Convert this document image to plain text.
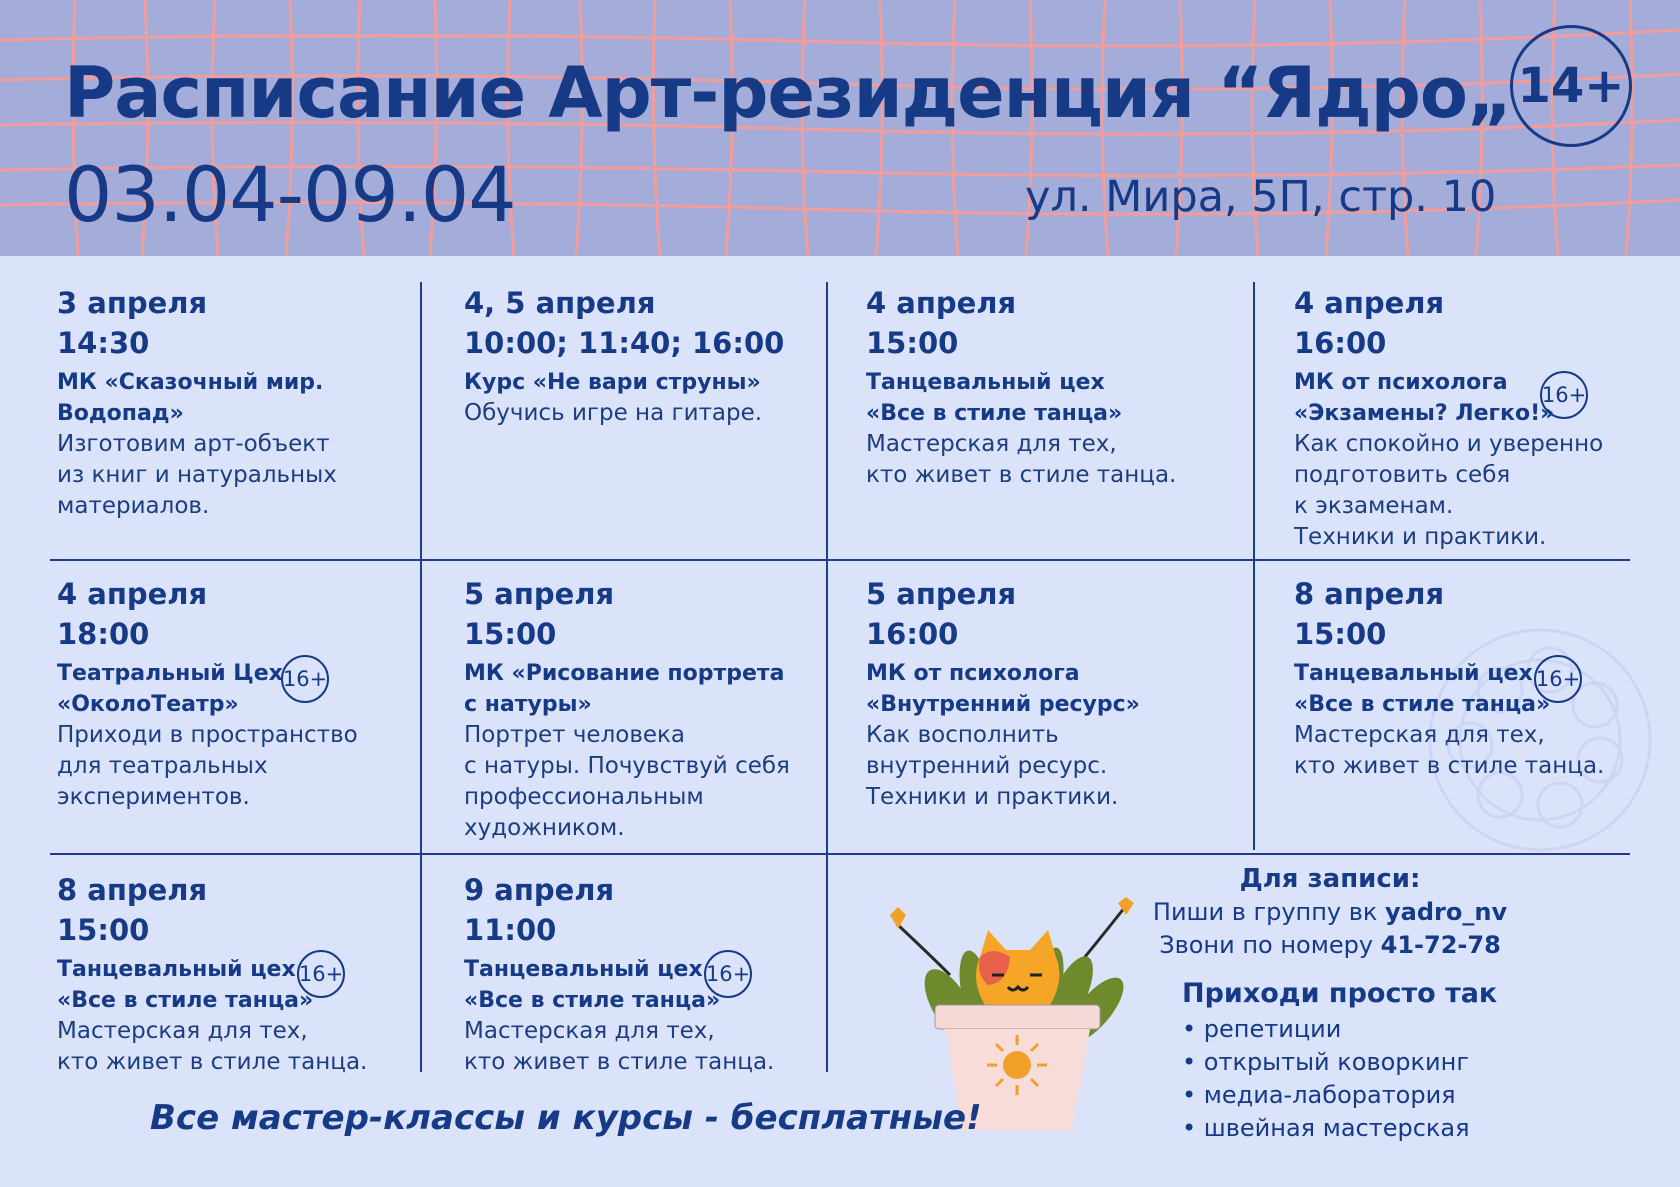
Расписание Арт-резиденция “Ядро„
03.04-09.04	ул. Мира, 5П, стр. 10
14+
3 апреля
14:30
МК «Сказочный мир.
Водопад»
Изготовим арт-объект
из книг и натуральных
материалов.
4, 5 апреля
10:00; 11:40; 16:00
Курс «Не вари струны»
Обучись игре на гитаре.
4 апреля
15:00
Танцевальный цех
«Все в стиле танца»
Мастерская для тех,
кто живет в стиле танца.
4 апреля
16:00
МК от психолога
«Экзамены? Легко!»
Как спокойно и уверенно
подготовить себя
к экзаменам.
Техники и практики.
16+
4 апреля
18:00
Театральный Цех
«ОколоТеатр»
Приходи в пространство
для театральных
экспериментов.
16+
5 апреля
15:00
МК «Рисование портрета
с натуры»
Портрет человека
с натуры. Почувствуй себя
профессиональным
художником.
5 апреля
16:00
МК от психолога
«Внутренний ресурс»
Как восполнить
внутренний ресурс.
Техники и практики.
8 апреля
15:00
Танцевальный цех
«Все в стиле танца»
Мастерская для тех,
кто живет в стиле танца.
16+
8 апреля
15:00
Танцевальный цех
«Все в стиле танца»
Мастерская для тех,
кто живет в стиле танца.
16+
9 апреля
11:00
Танцевальный цех
«Все в стиле танца»
Мастерская для тех,
кто живет в стиле танца.
16+
Для записи:
Пиши в группу вк yadro_nv
Звони по номеру 41-72-78
Приходи просто так
• репетиции
• открытый коворкинг
• медиа-лаборатория
• швейная мастерская
Все мастер-классы и курсы - бесплатные!
